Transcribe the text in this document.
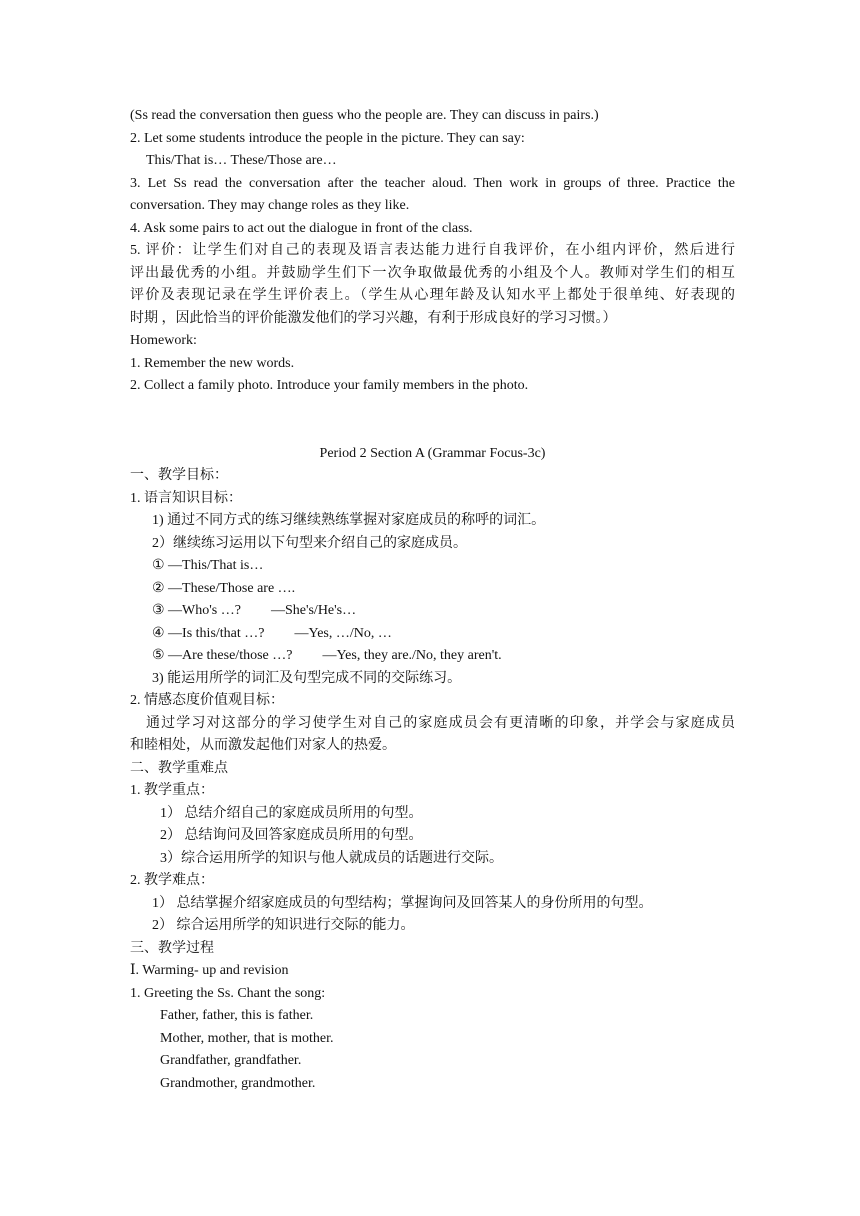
(Ss read the conversation then guess who the people are. They can discuss in pairs.)
2. Let some students introduce the people in the picture. They can say:
This/That is… These/Those are…
3. Let Ss read the conversation after the teacher aloud. Then work in groups of three. Practice the
conversation. They may change roles as they like.
4. Ask some pairs to act out the dialogue in front of the class.
5. 评价：让学生们对自己的表现及语言表达能力进行自我评价，在小组内评价，然后进行
评出最优秀的小组。并鼓励学生们下一次争取做最优秀的小组及个人。教师对学生们的相互
评价及表现记录在学生评价表上。（学生从心理年龄及认知水平上都处于很单纯、好表现的
时期 ，因此恰当的评价能激发他们的学习兴趣，有利于形成良好的学习习惯。）
Homework:
1. Remember the new words.
2. Collect a family photo. Introduce your family members in the photo.
Period 2 Section A (Grammar Focus-3c)
一、教学目标：
1. 语言知识目标：
1) 通过不同方式的练习继续熟练掌握对家庭成员的称呼的词汇。
2）继续练习运用以下句型来介绍自己的家庭成员。
① —This/That is…
② —These/Those are ….
③ —Who's …? —She's/He's…
④ —Is this/that …? —Yes, …/No, …
⑤ —Are these/those …? —Yes, they are./No, they aren't.
3) 能运用所学的词汇及句型完成不同的交际练习。
2. 情感态度价值观目标：
通过学习对这部分的学习使学生对自己的家庭成员会有更清晰的印象，并学会与家庭成员
和睦相处，从而激发起他们对家人的热爱。
二、教学重难点
1. 教学重点：
1） 总结介绍自己的家庭成员所用的句型。
2） 总结询问及回答家庭成员所用的句型。
3）综合运用所学的知识与他人就成员的话题进行交际。
2. 教学难点：
1） 总结掌握介绍家庭成员的句型结构；掌握询问及回答某人的身份所用的句型。
2） 综合运用所学的知识进行交际的能力。
三、教学过程
Ⅰ. Warming- up and revision
1. Greeting the Ss. Chant the song:
Father, father, this is father.
Mother, mother, that is mother.
Grandfather, grandfather.
Grandmother, grandmother.
